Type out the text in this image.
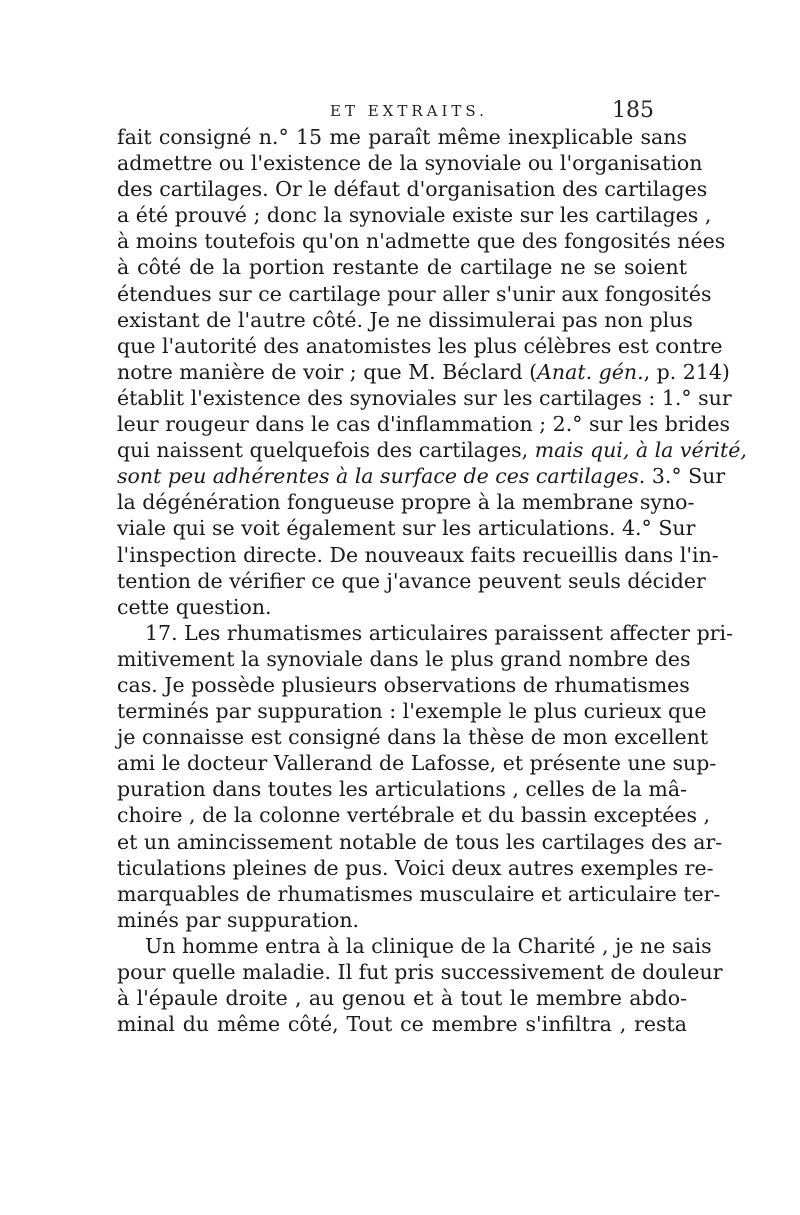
ET EXTRAITS.	185
fait consigné n.° 15 me paraît même inexplicable sans
admettre ou l'existence de la synoviale ou l'organisation
des cartilages. Or le défaut d'organisation des cartilages
a été prouvé ; donc la synoviale existe sur les cartilages ,
à moins toutefois qu'on n'admette que des fongosités nées
à côté de la portion restante de cartilage ne se soient
étendues sur ce cartilage pour aller s'unir aux fongosités
existant de l'autre côté. Je ne dissimulerai pas non plus
que l'autorité des anatomistes les plus célèbres est contre
notre manière de voir ; que M. Béclard (Anat. gén., p. 214)
établit l'existence des synoviales sur les cartilages : 1.° sur
leur rougeur dans le cas d'inflammation ; 2.° sur les brides
qui naissent quelquefois des cartilages, mais qui, à la vérité,
sont peu adhérentes à la surface de ces cartilages. 3.° Sur
la dégénération fongueuse propre à la membrane syno-
viale qui se voit également sur les articulations. 4.° Sur
l'inspection directe. De nouveaux faits recueillis dans l'in-
tention de vérifier ce que j'avance peuvent seuls décider
cette question.
17. Les rhumatismes articulaires paraissent affecter pri-
mitivement la synoviale dans le plus grand nombre des
cas. Je possède plusieurs observations de rhumatismes
terminés par suppuration : l'exemple le plus curieux que
je connaisse est consigné dans la thèse de mon excellent
ami le docteur Vallerand de Lafosse, et présente une sup-
puration dans toutes les articulations , celles de la mâ-
choire , de la colonne vertébrale et du bassin exceptées ,
et un amincissement notable de tous les cartilages des ar-
ticulations pleines de pus. Voici deux autres exemples re-
marquables de rhumatismes musculaire et articulaire ter-
minés par suppuration.
Un homme entra à la clinique de la Charité , je ne sais
pour quelle maladie. Il fut pris successivement de douleur
à l'épaule droite , au genou et à tout le membre abdo-
minal du même côté, Tout ce membre s'infiltra , resta
